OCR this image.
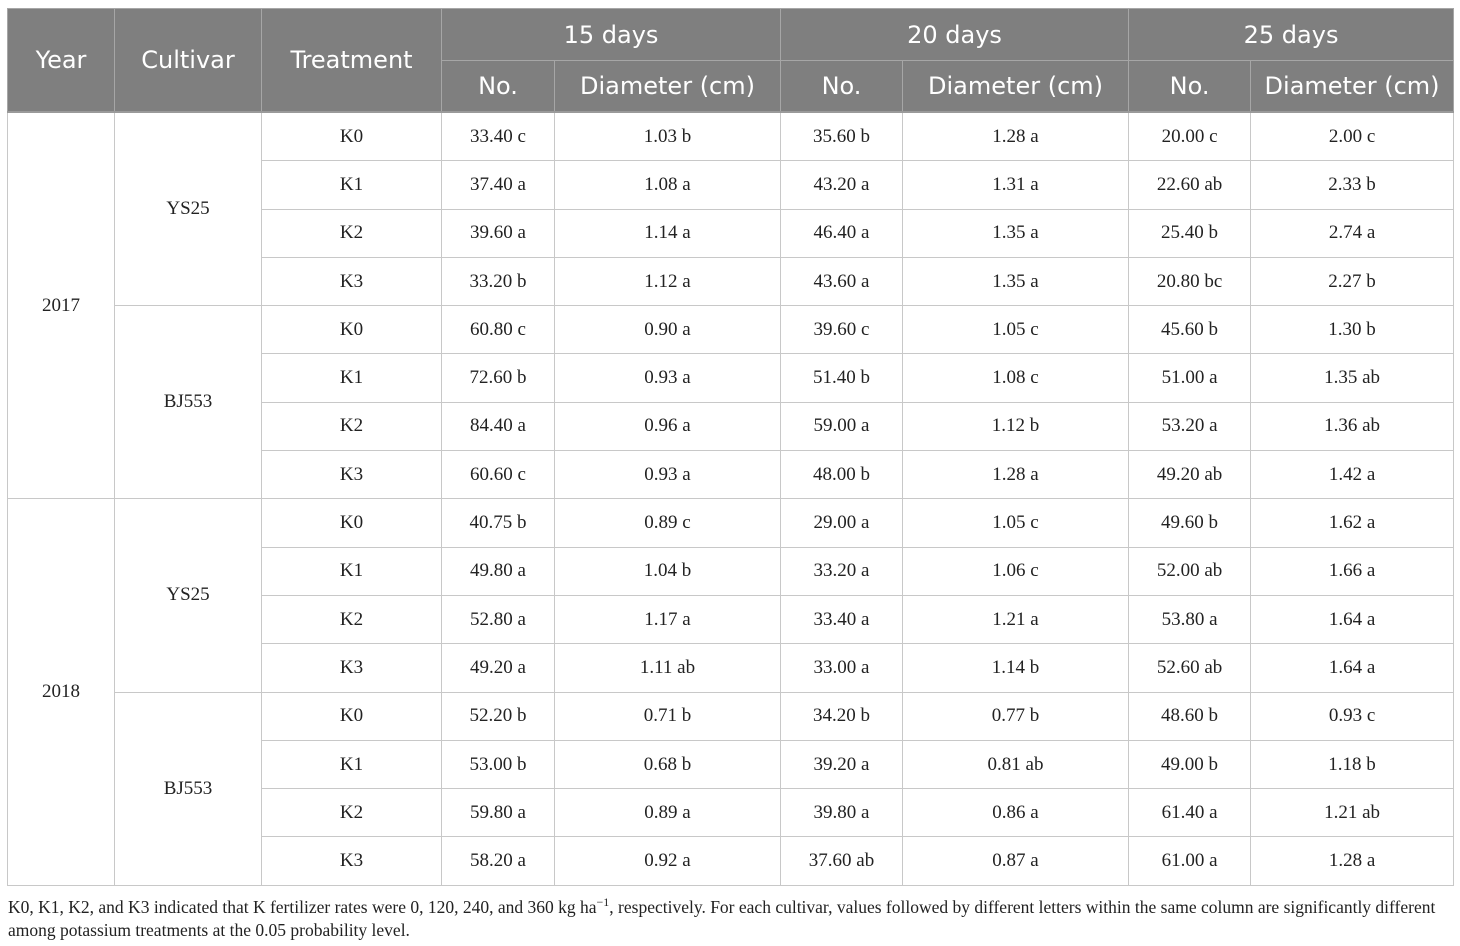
Year	Cultivar	Treatment	15 days		20 days		25 days	
			No.	Diameter (cm)	No.	Diameter (cm)	No.	Diameter (cm)
2017	YS25	K0	33.40 c	1.03 b	35.60 b	1.28 a	20.00 c	2.00 c
		K1	37.40 a	1.08 a	43.20 a	1.31 a	22.60 ab	2.33 b
		K2	39.60 a	1.14 a	46.40 a	1.35 a	25.40 b	2.74 a
		K3	33.20 b	1.12 a	43.60 a	1.35 a	20.80 bc	2.27 b
	BJ553	K0	60.80 c	0.90 a	39.60 c	1.05 c	45.60 b	1.30 b
		K1	72.60 b	0.93 a	51.40 b	1.08 c	51.00 a	1.35 ab
		K2	84.40 a	0.96 a	59.00 a	1.12 b	53.20 a	1.36 ab
		K3	60.60 c	0.93 a	48.00 b	1.28 a	49.20 ab	1.42 a
2018	YS25	K0	40.75 b	0.89 c	29.00 a	1.05 c	49.60 b	1.62 a
		K1	49.80 a	1.04 b	33.20 a	1.06 c	52.00 ab	1.66 a
		K2	52.80 a	1.17 a	33.40 a	1.21 a	53.80 a	1.64 a
		K3	49.20 a	1.11 ab	33.00 a	1.14 b	52.60 ab	1.64 a
	BJ553	K0	52.20 b	0.71 b	34.20 b	0.77 b	48.60 b	0.93 c
		K1	53.00 b	0.68 b	39.20 a	0.81 ab	49.00 b	1.18 b
		K2	59.80 a	0.89 a	39.80 a	0.86 a	61.40 a	1.21 ab
		K3	58.20 a	0.92 a	37.60 ab	0.87 a	61.00 a	1.28 a
K0, K1, K2, and K3 indicated that K fertilizer rates were 0, 120, 240, and 360 kg $ha^{-1}$, respectively. For each cultivar, values followed by different letters within the same column are significantly different among potassium treatments at the 0.05 probability level.
